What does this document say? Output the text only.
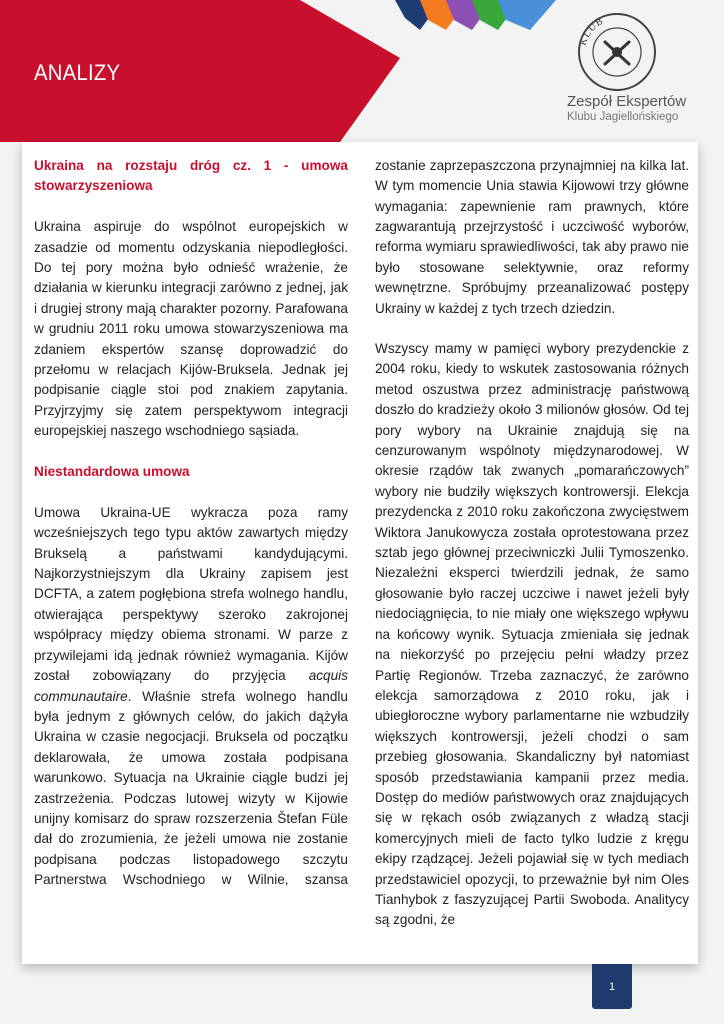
ANALIZY
KLUB
Zespół Ekspertów
Klubu Jagiellońskiego

Ukraina na rozstaju dróg cz. 1 - umowa stowarzyszeniowa

Ukraina aspiruje do wspólnot europejskich w zasadzie od momentu odzyskania niepodległości. Do tej pory można było odnieść wrażenie, że działania w kierunku integracji zarówno z jednej, jak i drugiej strony mają charakter pozorny. Parafowana w grudniu 2011 roku umowa stowarzyszeniowa ma zdaniem ekspertów szansę doprowadzić do przełomu w relacjach Kijów-Bruksela. Jednak jej podpisanie ciągle stoi pod znakiem zapytania. Przyjrzyjmy się zatem perspektywom integracji europejskiej naszego wschodniego sąsiada.

Niestandardowa umowa

Umowa Ukraina-UE wykracza poza ramy wcześniejszych tego typu aktów zawartych między Brukselą a państwami kandydującymi. Najkorzystniejszym dla Ukrainy zapisem jest DCFTA, a zatem pogłębiona strefa wolnego handlu, otwierająca perspektywy szeroko zakrojonej współpracy między obiema stronami. W parze z przywilejami idą jednak również wymagania. Kijów został zobowiązany do przyjęcia acquis communautaire. Właśnie strefa wolnego handlu była jednym z głównych celów, do jakich dążyła Ukraina w czasie negocjacji. Bruksela od początku deklarowała, że umowa została podpisana warunkowo. Sytuacja na Ukrainie ciągle budzi jej zastrzeżenia. Podczas lutowej wizyty w Kijowie unijny komisarz do spraw rozszerzenia Štefan Füle dał do zrozumienia, że jeżeli umowa nie zostanie podpisana podczas listopadowego szczytu Partnerstwa Wschodniego w Wilnie, szansa

zostanie zaprzepaszczona przynajmniej na kilka lat. W tym momencie Unia stawia Kijowowi trzy główne wymagania: zapewnienie ram prawnych, które zagwarantują przejrzystość i uczciwość wyborów, reforma wymiaru sprawiedliwości, tak aby prawo nie było stosowane selektywnie, oraz reformy wewnętrzne. Spróbujmy przeanalizować postępy Ukrainy w każdej z tych trzech dziedzin.

Wszyscy mamy w pamięci wybory prezydenckie z 2004 roku, kiedy to wskutek zastosowania różnych metod oszustwa przez administrację państwową doszło do kradzieży około 3 milionów głosów. Od tej pory wybory na Ukrainie znajdują się na cenzurowanym wspólnoty międzynarodowej. W okresie rządów tak zwanych „pomarańczowych” wybory nie budziły większych kontrowersji. Elekcja prezydencka z 2010 roku zakończona zwycięstwem Wiktora Janukowycza została oprotestowana przez sztab jego głównej przeciwniczki Julii Tymoszenko. Niezależni eksperci twierdzili jednak, że samo głosowanie było raczej uczciwe i nawet jeżeli były niedociągnięcia, to nie miały one większego wpływu na końcowy wynik. Sytuacja zmieniała się jednak na niekorzyść po przejęciu pełni władzy przez Partię Regionów. Trzeba zaznaczyć, że zarówno elekcja samorządowa z 2010 roku, jak i ubiegłoroczne wybory parlamentarne nie wzbudziły większych kontrowersji, jeżeli chodzi o sam przebieg głosowania. Skandaliczny był natomiast sposób przedstawiania kampanii przez media. Dostęp do mediów państwowych oraz znajdujących się w rękach osób związanych z władzą stacji komercyjnych mieli de facto tylko ludzie z kręgu ekipy rządzącej. Jeżeli pojawiał się w tych mediach przedstawiciel opozycji, to przeważnie był nim Oles Tianhybok z faszyzującej Partii Swoboda. Analitycy są zgodni, że

1
